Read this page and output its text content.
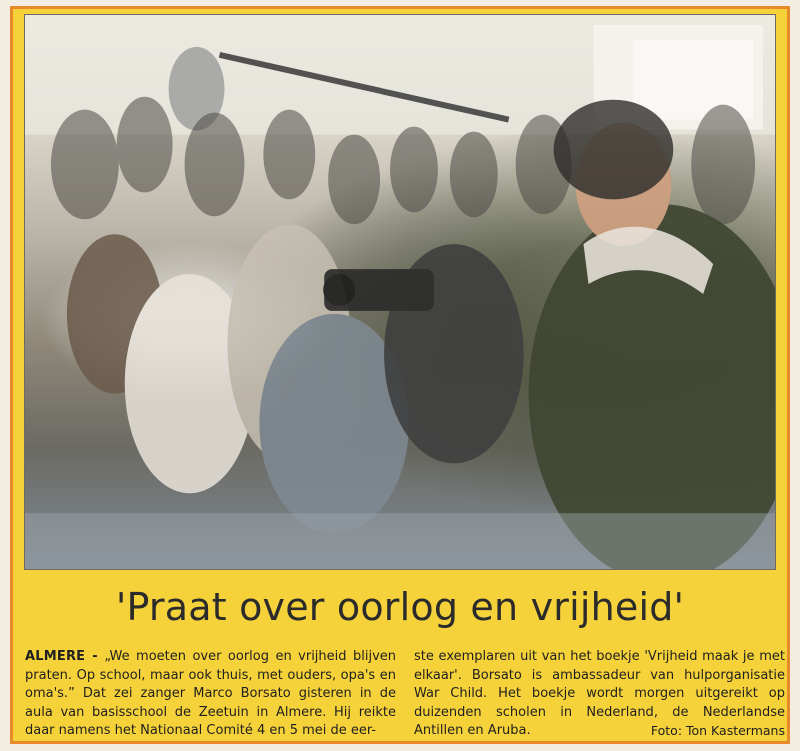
'Praat over oorlog en vrijheid'
ALMERE - „We moeten over oorlog en vrijheid blijven praten. Op school, maar ook thuis, met ouders, opa's en oma's.” Dat zei zanger Marco Borsato gisteren in de aula van basisschool de Zeetuin in Almere. Hij reikte daar namens het Nationaal Comité 4 en 5 mei de eer-
ste exemplaren uit van het boekje 'Vrijheid maak je met elkaar'. Borsato is ambassadeur van hulporganisatie War Child. Het boekje wordt morgen uitgereikt op duizenden scholen in Nederland, de Nederlandse Antillen en Aruba.	Foto: Ton Kastermans
